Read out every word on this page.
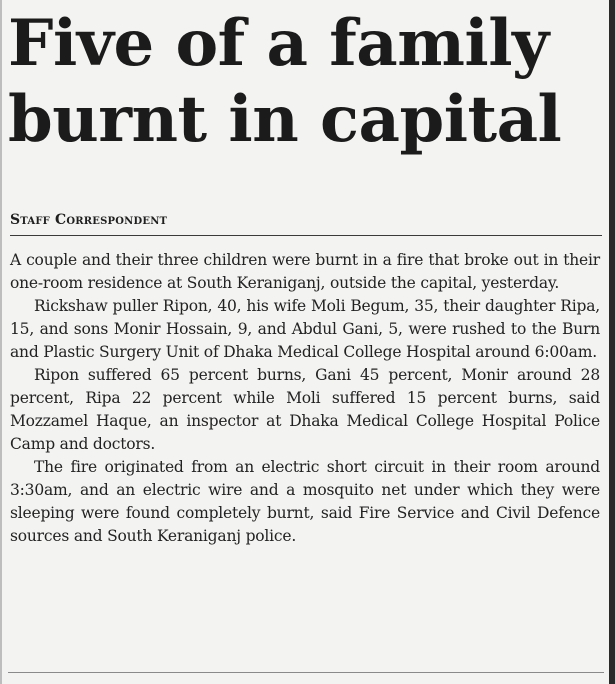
Five of a family
burnt in capital
Staff Correspondent

A couple and their three children were burnt in a fire that broke out in their one-room residence at South Keraniganj, outside the capital, yesterday.

Rickshaw puller Ripon, 40, his wife Moli Begum, 35, their daughter Ripa, 15, and sons Monir Hossain, 9, and Abdul Gani, 5, were rushed to the Burn and Plastic Surgery Unit of Dhaka Medical College Hospital around 6:00am.

Ripon suffered 65 percent burns, Gani 45 percent, Monir around 28 percent, Ripa 22 percent while Moli suffered 15 percent burns, said Mozzamel Haque, an inspector at Dhaka Medical College Hospital Police Camp and doctors.

The fire originated from an electric short circuit in their room around 3:30am, and an electric wire and a mosquito net under which they were sleeping were found completely burnt, said Fire Service and Civil Defence sources and South Keraniganj police.
